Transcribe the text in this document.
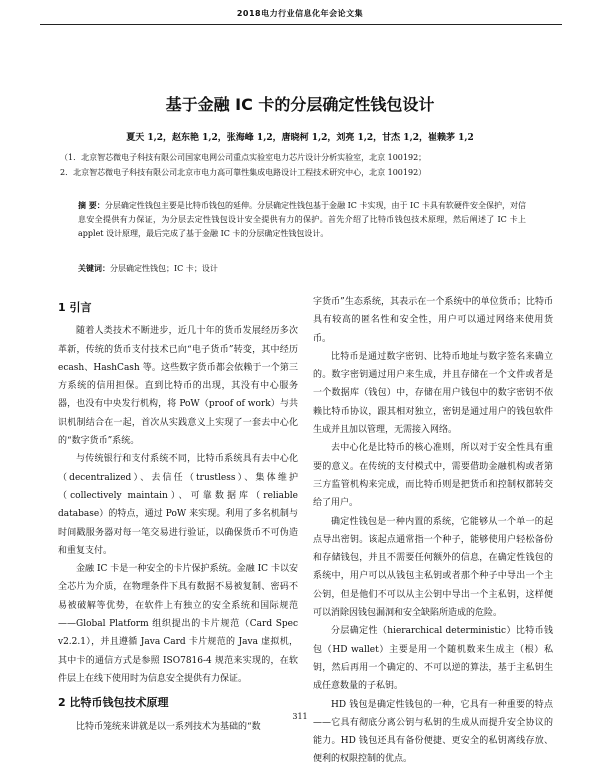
2018电力行业信息化年会论文集
基于金融 IC 卡的分层确定性钱包设计
夏天 1,2，赵东艳 1,2，张海峰 1,2，唐晓柯 1,2，刘亮 1,2，甘杰 1,2，崔赖茅 1,2
（1．北京智芯微电子科技有限公司国家电网公司重点实验室电力芯片设计分析实验室，北京 100192；
2．北京智芯微电子科技有限公司北京市电力高可靠性集成电路设计工程技术研究中心，北京 100192）
摘 要：分层确定性钱包主要是比特币钱包的延伸。分层确定性钱包基于金融 IC 卡实现，由于 IC 卡具有软硬件安全保护，对信息安全提供有力保证，为分层去定性钱包设计安全提供有力的保护。首先介绍了比特币钱包技术原理，然后阐述了 IC 卡上 applet 设计原理，最后完成了基于金融 IC 卡的分层确定性钱包设计。
关键词：分层确定性钱包；IC 卡；设计
1 引言

随着人类技术不断进步，近几十年的货币发展经历多次革新，传统的货币支付技术已向“电子货币”转变，其中经历 ecash、HashCash 等。这些数字货币都会依赖于一个第三方系统的信用担保。直到比特币的出现，其没有中心服务器，也没有中央发行机构，将 PoW（proof of work）与共识机制结合在一起，首次从实践意义上实现了一套去中心化的“数字货币”系统。

与传统银行和支付系统不同，比特币系统具有去中心化（decentralized）、去信任（trustless）、集体维护（collectively maintain）、可靠数据库（reliable database）的特点，通过 PoW 来实现。利用了多名机制与时间戳服务器对每一笔交易进行验证，以确保货币不可伪造和重复支付。

金融 IC 卡是一种安全的卡片保护系统。金融 IC 卡以安全芯片为介质，在物理条件下具有数据不易被复制、密码不易被破解等优势，在软件上有独立的安全系统和国际规范——Global Platform 组织提出的卡片规范（Card Spec v2.2.1），并且遵循 Java Card 卡片规范的 Java 虚拟机，其中卡的通信方式是参照 ISO7816-4 规范来实现的，在软件层上在线下使用时为信息安全提供有力保证。

2 比特币钱包技术原理

比特币笼统来讲就是以一系列技术为基础的“数

字货币”生态系统，其表示在一个系统中的单位货币；比特币具有较高的匿名性和安全性，用户可以通过网络来使用货币。

比特币是通过数字密钥、比特币地址与数字签名来确立的。数字密钥通过用户来生成，并且存储在一个文件或者是一个数据库（钱包）中，存储在用户钱包中的数字密钥不依赖比特币协议，跟其相对独立，密钥是通过用户的钱包软件生成并且加以管理，无需接入网络。

去中心化是比特币的核心准则，所以对于安全性具有重要的意义。在传统的支付模式中，需要借助金融机构或者第三方监管机构来完成，而比特币则是把货币和控制权都转交给了用户。

确定性钱包是一种内置的系统，它能够从一个单一的起点导出密钥。该起点通常指一个种子，能够使用户轻松备份和存储钱包，并且不需要任何额外的信息，在确定性钱包的系统中，用户可以从钱包主私钥或者那个种子中导出一个主公钥，但是他们不可以从主公钥中导出一个主私钥，这样便可以消除因钱包漏洞和安全缺陷所造成的危险。

分层确定性（hierarchical deterministic）比特币钱包（HD wallet）主要是用一个随机数来生成主（根）私钥，然后再用一个确定的、不可以逆的算法，基于主私钥生成任意数量的子私钥。

HD 钱包是确定性钱包的一种，它具有一种重要的特点——它具有彻底分离公钥与私钥的生成从而提升安全协议的能力。HD 钱包还具有备份便捷、更安全的私钥离线存放、便利的权限控制的优点。

311
